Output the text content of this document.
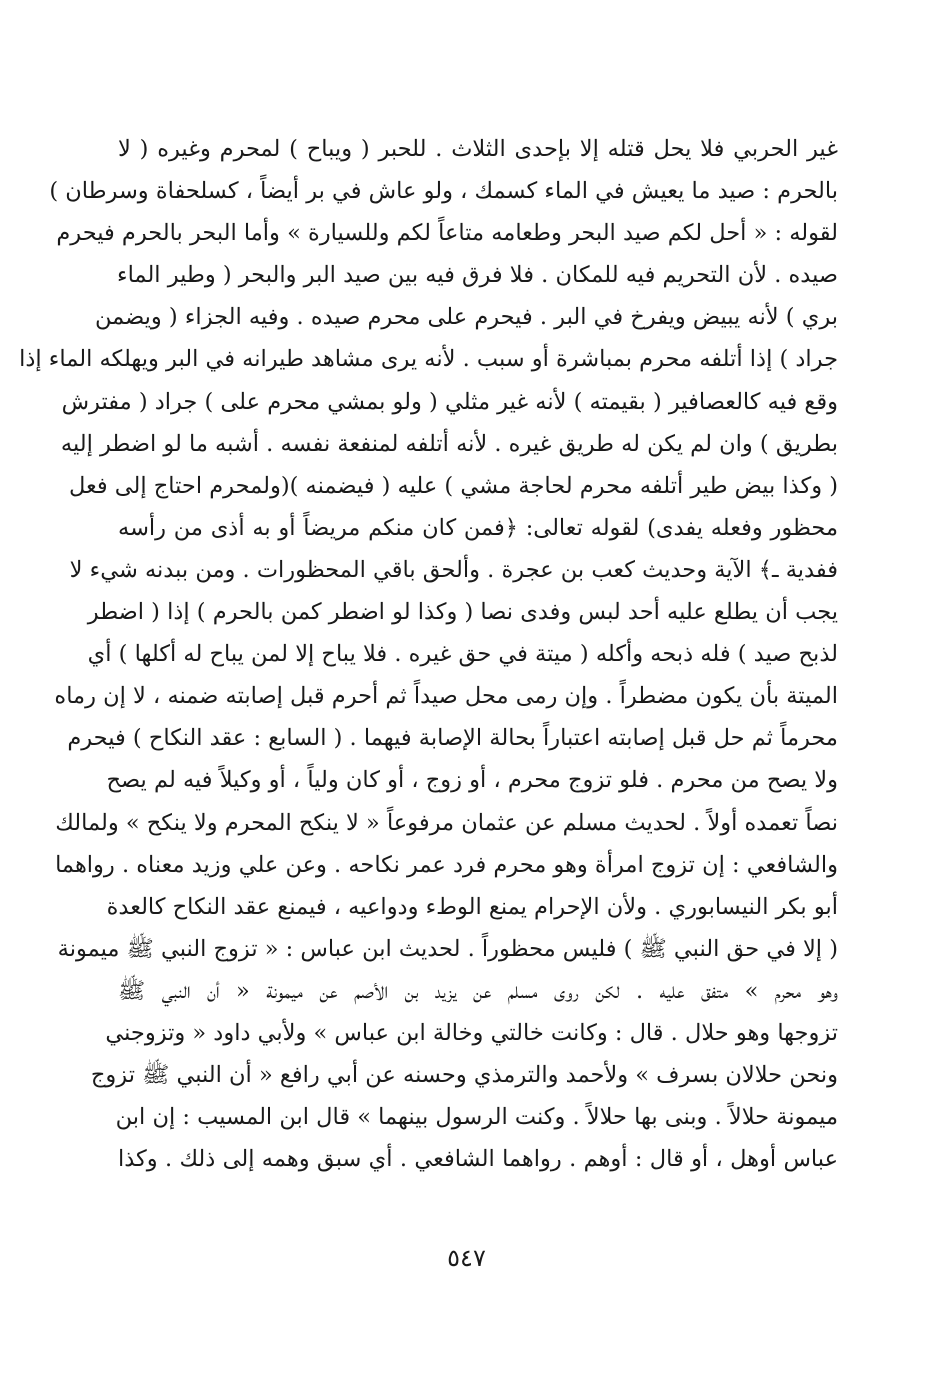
غير الحربي فلا يحل قتله إلا بإحدى الثلاث . للحبر ( ويباح ) لمحرم وغيره ( لا
بالحرم : صيد ما يعيش في الماء كسمك ، ولو عاش في بر أيضاً ، كسلحفاة وسرطان )
لقوله : « أحل لكم صيد البحر وطعامه متاعاً لكم وللسيارة » وأما البحر بالحرم فيحرم
صيده . لأن التحريم فيه للمكان . فلا فرق فيه بين صيد البر والبحر ( وطير الماء
بري ) لأنه يبيض ويفرخ في البر . فيحرم على محرم صيده . وفيه الجزاء ( ويضمن
جراد ) إذا أتلفه محرم بمباشرة أو سبب . لأنه يرى مشاهد طيرانه في البر ويهلكه الماء إذا
وقع فيه كالعصافير ( بقيمته ) لأنه غير مثلي ( ولو بمشي محرم على ) جراد ( مفترش
بطريق ) وان لم يكن له طريق غيره . لأنه أتلفه لمنفعة نفسه . أشبه ما لو اضطر إليه
( وكذا بيض طير أتلفه محرم لحاجة مشي ) عليه ( فيضمنه )(ولمحرم احتاج إلى فعل
محظور وفعله يفدى) لقوله تعالى: ﴿فمن كان منكم مريضاً أو به أذى من رأسه
ففدية ـ﴾ الآية وحديث كعب بن عجرة . وألحق باقي المحظورات . ومن ببدنه شيء لا
يجب أن يطلع عليه أحد لبس وفدى نصا ( وكذا لو اضطر كمن بالحرم ) إذا ( اضطر
لذبح صيد ) فله ذبحه وأكله ( ميتة في حق غيره . فلا يباح إلا لمن يباح له أكلها ) أي
الميتة بأن يكون مضطراً . وإن رمى محل صيداً ثم أحرم قبل إصابته ضمنه ، لا إن رماه
محرماً ثم حل قبل إصابته اعتباراً بحالة الإصابة فيهما . ( السابع : عقد النكاح ) فيحرم
ولا يصح من محرم . فلو تزوج محرم ، أو زوج ، أو كان ولياً ، أو وكيلاً فيه لم يصح
نصاً تعمده أولاً . لحديث مسلم عن عثمان مرفوعاً « لا ينكح المحرم ولا ينكح » ولمالك
والشافعي : إن تزوج امرأة وهو محرم فرد عمر نكاحه . وعن علي وزيد معناه . رواهما
أبو بكر النيسابوري . ولأن الإحرام يمنع الوطء ودواعيه ، فيمنع عقد النكاح كالعدة
( إلا في حق النبي ﷺ ) فليس محظوراً . لحديث ابن عباس : « تزوج النبي ﷺ ميمونة
وهو محرم » متفق عليه . لكن روى مسلم عن يزيد بن الأصم عن ميمونة « أن النبي ﷺ
تزوجها وهو حلال . قال : وكانت خالتي وخالة ابن عباس » ولأبي داود « وتزوجني
ونحن حلالان بسرف » ولأحمد والترمذي وحسنه عن أبي رافع « أن النبي ﷺ تزوج
ميمونة حلالاً . وبنى بها حلالاً . وكنت الرسول بينهما » قال ابن المسيب : إن ابن
عباس أوهل ، أو قال : أوهم . رواهما الشافعي . أي سبق وهمه إلى ذلك . وكذا
٥٤٧
